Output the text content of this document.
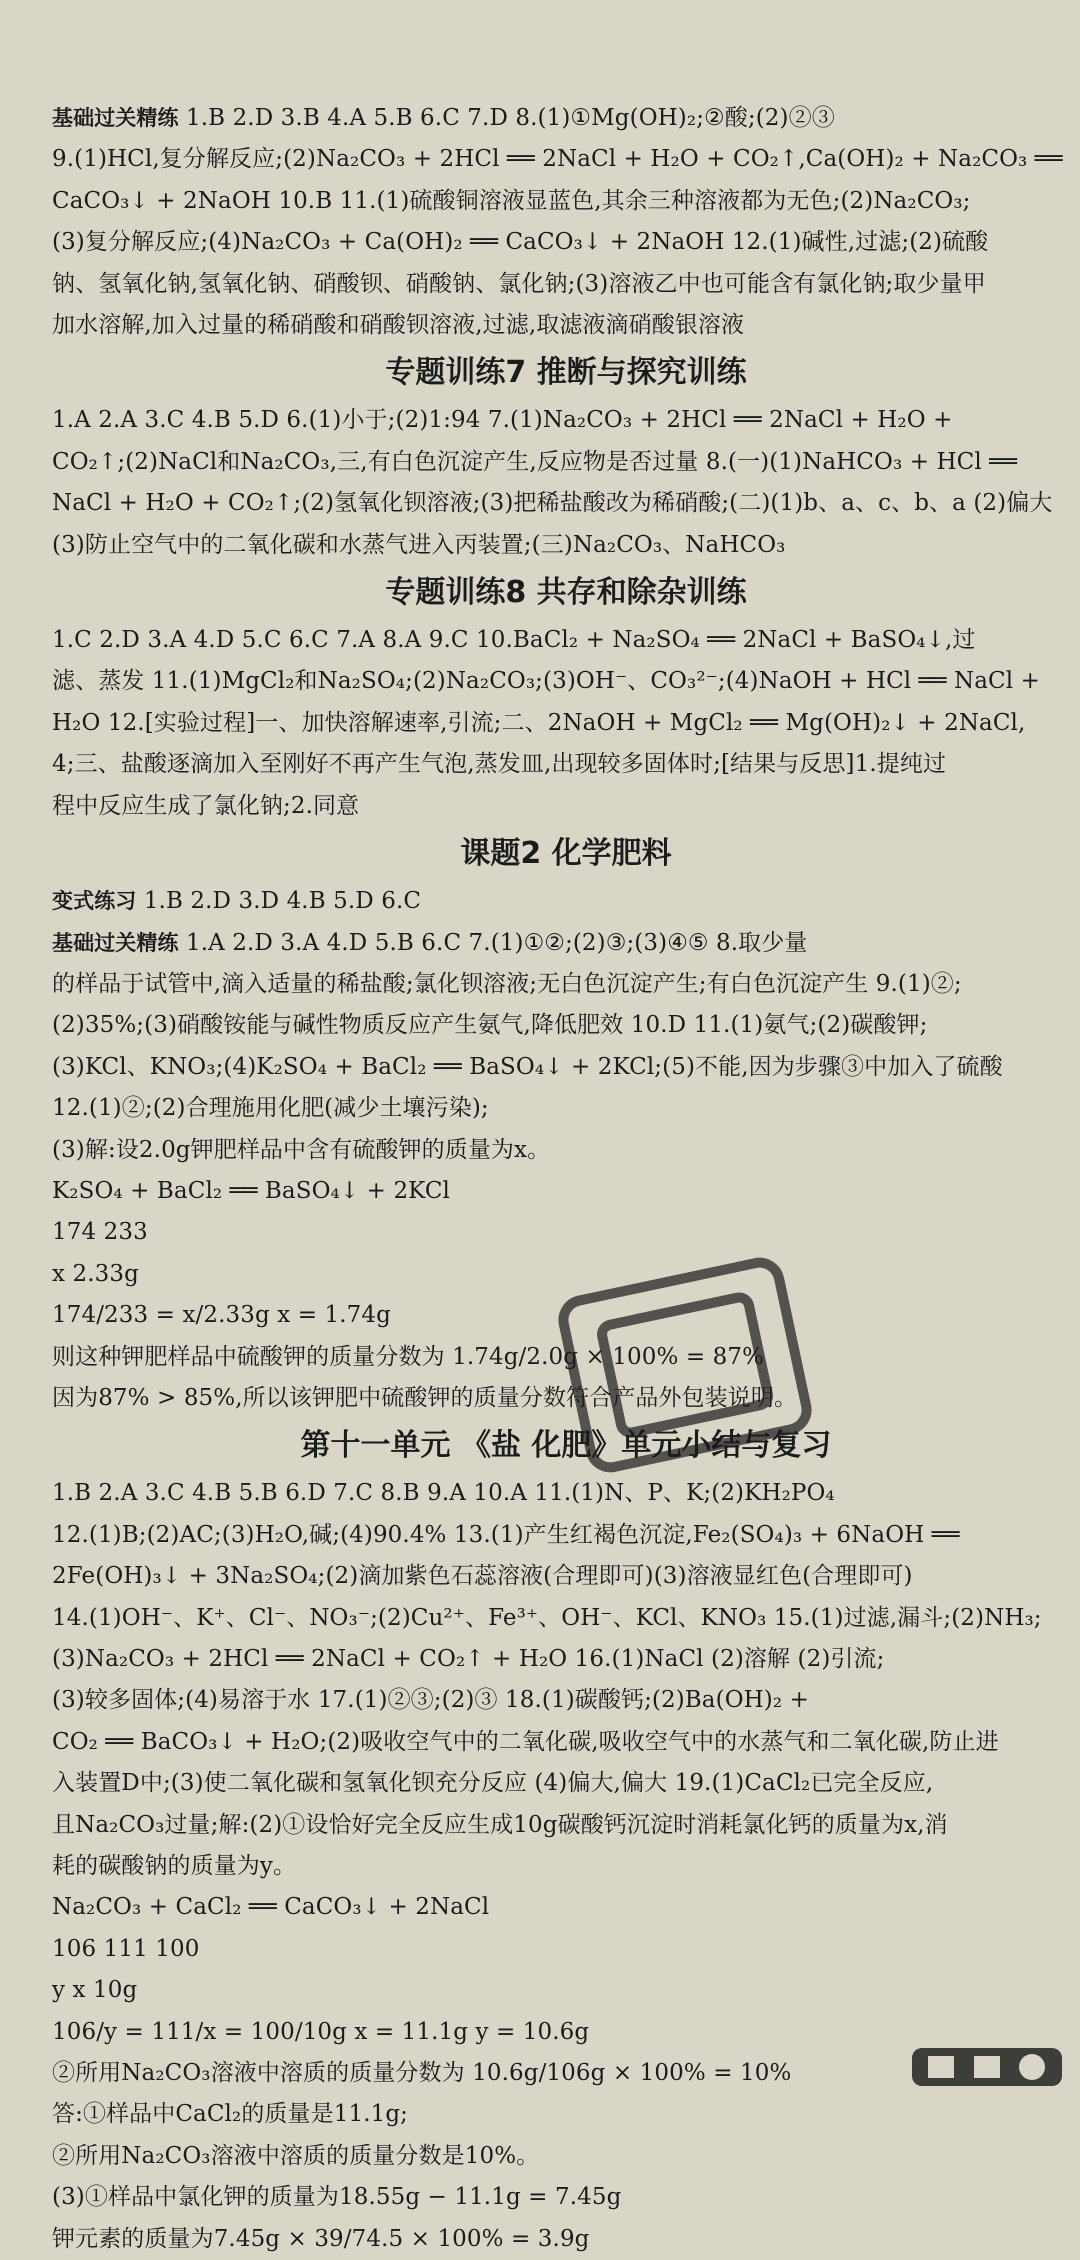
基础过关精练 1.B 2.D 3.B 4.A 5.B 6.C 7.D 8.(1)①Mg(OH)₂;②酸;(2)②③
9.(1)HCl,复分解反应;(2)Na₂CO₃ + 2HCl ══ 2NaCl + H₂O + CO₂↑,Ca(OH)₂ + Na₂CO₃ ══
CaCO₃↓ + 2NaOH 10.B 11.(1)硫酸铜溶液显蓝色,其余三种溶液都为无色;(2)Na₂CO₃;
(3)复分解反应;(4)Na₂CO₃ + Ca(OH)₂ ══ CaCO₃↓ + 2NaOH 12.(1)碱性,过滤;(2)硫酸
钠、氢氧化钠,氢氧化钠、硝酸钡、硝酸钠、氯化钠;(3)溶液乙中也可能含有氯化钠;取少量甲
加水溶解,加入过量的稀硝酸和硝酸钡溶液,过滤,取滤液滴硝酸银溶液
专题训练7 推断与探究训练
1.A 2.A 3.C 4.B 5.D 6.(1)小于;(2)1:94 7.(1)Na₂CO₃ + 2HCl ══ 2NaCl + H₂O +
CO₂↑;(2)NaCl和Na₂CO₃,三,有白色沉淀产生,反应物是否过量 8.(一)(1)NaHCO₃ + HCl ══
NaCl + H₂O + CO₂↑;(2)氢氧化钡溶液;(3)把稀盐酸改为稀硝酸;(二)(1)b、a、c、b、a (2)偏大
(3)防止空气中的二氧化碳和水蒸气进入丙装置;(三)Na₂CO₃、NaHCO₃
专题训练8 共存和除杂训练
1.C 2.D 3.A 4.D 5.C 6.C 7.A 8.A 9.C 10.BaCl₂ + Na₂SO₄ ══ 2NaCl + BaSO₄↓,过
滤、蒸发 11.(1)MgCl₂和Na₂SO₄;(2)Na₂CO₃;(3)OH⁻、CO₃²⁻;(4)NaOH + HCl ══ NaCl +
H₂O 12.[实验过程]一、加快溶解速率,引流;二、2NaOH + MgCl₂ ══ Mg(OH)₂↓ + 2NaCl,
4;三、盐酸逐滴加入至刚好不再产生气泡,蒸发皿,出现较多固体时;[结果与反思]1.提纯过
程中反应生成了氯化钠;2.同意
课题2 化学肥料
变式练习 1.B 2.D 3.D 4.B 5.D 6.C
基础过关精练 1.A 2.D 3.A 4.D 5.B 6.C 7.(1)①②;(2)③;(3)④⑤ 8.取少量
的样品于试管中,滴入适量的稀盐酸;氯化钡溶液;无白色沉淀产生;有白色沉淀产生 9.(1)②;
(2)35%;(3)硝酸铵能与碱性物质反应产生氨气,降低肥效 10.D 11.(1)氨气;(2)碳酸钾;
(3)KCl、KNO₃;(4)K₂SO₄ + BaCl₂ ══ BaSO₄↓ + 2KCl;(5)不能,因为步骤③中加入了硫酸
12.(1)②;(2)合理施用化肥(减少土壤污染);
(3)解:设2.0g钾肥样品中含有硫酸钾的质量为x。
K₂SO₄ + BaCl₂ ══ BaSO₄↓ + 2KCl
174 233
x 2.33g
174/233 = x/2.33g x = 1.74g
则这种钾肥样品中硫酸钾的质量分数为 1.74g/2.0g × 100% = 87%
因为87% > 85%,所以该钾肥中硫酸钾的质量分数符合产品外包装说明。
第十一单元 《盐 化肥》单元小结与复习
1.B 2.A 3.C 4.B 5.B 6.D 7.C 8.B 9.A 10.A 11.(1)N、P、K;(2)KH₂PO₄
12.(1)B;(2)AC;(3)H₂O,碱;(4)90.4% 13.(1)产生红褐色沉淀,Fe₂(SO₄)₃ + 6NaOH ══
2Fe(OH)₃↓ + 3Na₂SO₄;(2)滴加紫色石蕊溶液(合理即可)(3)溶液显红色(合理即可)
14.(1)OH⁻、K⁺、Cl⁻、NO₃⁻;(2)Cu²⁺、Fe³⁺、OH⁻、KCl、KNO₃ 15.(1)过滤,漏斗;(2)NH₃;
(3)Na₂CO₃ + 2HCl ══ 2NaCl + CO₂↑ + H₂O 16.(1)NaCl (2)溶解 (2)引流;
(3)较多固体;(4)易溶于水 17.(1)②③;(2)③ 18.(1)碳酸钙;(2)Ba(OH)₂ +
CO₂ ══ BaCO₃↓ + H₂O;(2)吸收空气中的二氧化碳,吸收空气中的水蒸气和二氧化碳,防止进
入装置D中;(3)使二氧化碳和氢氧化钡充分反应 (4)偏大,偏大 19.(1)CaCl₂已完全反应,
且Na₂CO₃过量;解:(2)①设恰好完全反应生成10g碳酸钙沉淀时消耗氯化钙的质量为x,消
耗的碳酸钠的质量为y。
Na₂CO₃ + CaCl₂ ══ CaCO₃↓ + 2NaCl
106 111 100
y x 10g
106/y = 111/x = 100/10g x = 11.1g y = 10.6g
②所用Na₂CO₃溶液中溶质的质量分数为 10.6g/106g × 100% = 10%
答:①样品中CaCl₂的质量是11.1g;
②所用Na₂CO₃溶液中溶质的质量分数是10%。
(3)①样品中氯化钾的质量为18.55g − 11.1g = 7.45g
钾元素的质量为7.45g × 39/74.5 × 100% = 3.9g
